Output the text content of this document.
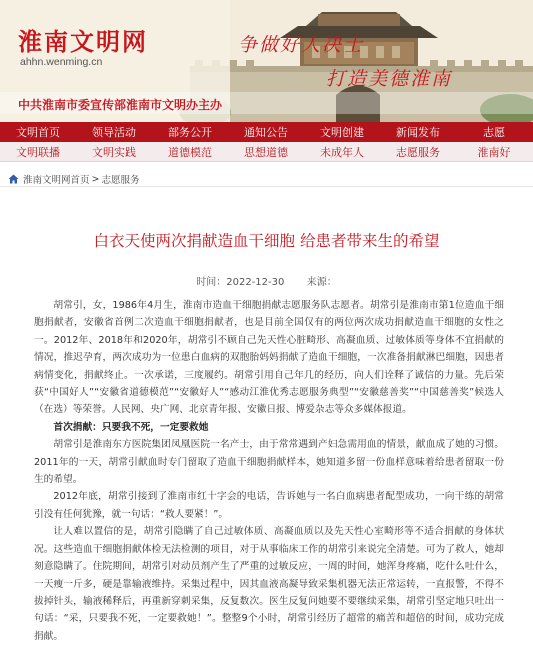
淮南文明网
ahhn.wenming.cn
争做好人决士
打造美德淮南
中共淮南市委宣传部淮南市文明办主办
文明首页	领导活动	部务公开	通知公告	文明创建	新闻发布	志愿
文明联播	文明实践	道德模范	思想道德	未成年人	志愿服务	淮南好
淮南文明网首页 > 志愿服务
白衣天使两次捐献造血干细胞 给患者带来生的希望
时间：2022-12-30 来源：

胡常引，女，1986年4月生，淮南市造血干细胞捐献志愿服务队志愿者。胡常引是淮南市第1位造血干细胞捐献者，安徽省首例二次造血干细胞捐献者，也是目前全国仅有的两位两次成功捐献造血干细胞的女性之一。2012年、2018年和2020年，胡常引不顾自己先天性心脏畸形、高凝血质、过敏体质等身体不宜捐献的情况，推迟孕育，两次成功为一位患白血病的双胞胎妈妈捐献了造血干细胞，一次准备捐献淋巴细胞，因患者病情变化，捐献终止。一次承诺，三度履约。胡常引用自己年几的经历，向人们诠释了诚信的力量。先后荣获“中国好人”“安徽省道德模范”“安徽好人”“感动江淮优秀志愿服务典型”“安徽慈善奖”“中国慈善奖”候选人（在选）等荣誉。人民网、央广网、北京青年报、安徽日报、博爱杂志等众多媒体报道。

首次捐献：只要我不死，一定要救她

胡常引是淮南东方医院集团凤凰医院一名产士，由于常常遇到产妇急需用血的情景，献血成了她的习惯。2011年的一天，胡常引献血时专门留取了造血干细胞捐献样本，她知道多留一份血样意味着给患者留取一份生的希望。

2012年底，胡常引接到了淮南市红十字会的电话，告诉她与一名白血病患者配型成功，一向干练的胡常引没有任何犹豫，就一句话：“救人要紧！”。

让人难以置信的是，胡常引隐瞒了自己过敏体质、高凝血质以及先天性心室畸形等不适合捐献的身体状况。这些造血干细胞捐献体检无法检测的项目，对于从事临床工作的胡常引来说完全清楚。可为了救人，她却刻意隐瞒了。住院期间，胡常引对动员剂产生了严重的过敏反应，一周的时间，她浑身疼痛，吃什么吐什么，一天瘦一斤多，硬是靠输液维持。采集过程中，因其血液高凝导致采集机器无法正常运转，一直报警，不得不拔掉针头，输液稀释后，再重新穿刺采集，反复数次。医生反复问她要不要继续采集，胡常引坚定地只吐出一句话：“采，只要我不死，一定要救她！”。整整9个小时，胡常引经历了超常的痛苦和超倍的时间，成功完成捐献。
